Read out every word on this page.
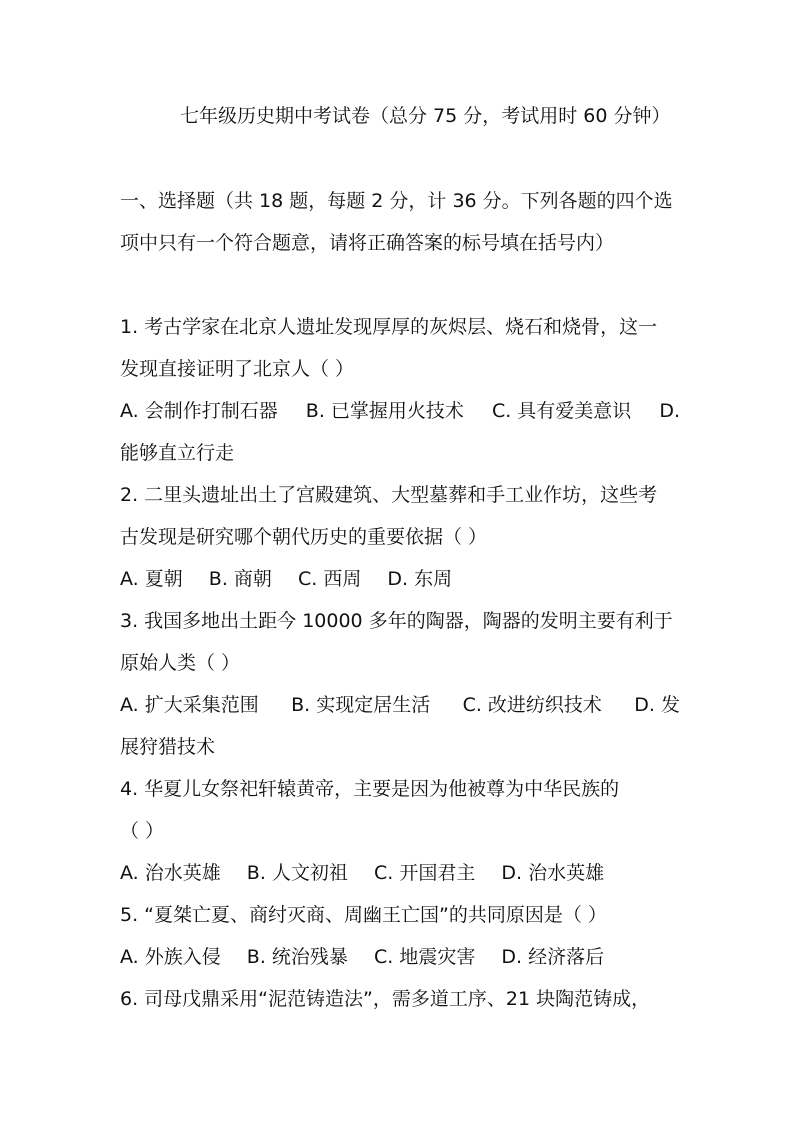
七年级历史期中考试卷（总分 75 分，考试用时 60 分钟）
一、选择题（共 18 题，每题 2 分，计 36 分。下列各题的四个选
项中只有一个符合题意，请将正确答案的标号填在括号内）
1. 考古学家在北京人遗址发现厚厚的灰烬层、烧石和烧骨，这一
发现直接证明了北京人（ ）
A. 会制作打制石器 B. 已掌握用火技术 C. 具有爱美意识 D.
能够直立行走
2. 二里头遗址出土了宫殿建筑、大型墓葬和手工业作坊，这些考
古发现是研究哪个朝代历史的重要依据（ ）
A. 夏朝 B. 商朝 C. 西周 D. 东周
3. 我国多地出土距今 10000 多年的陶器，陶器的发明主要有利于
原始人类（ ）
A. 扩大采集范围 B. 实现定居生活 C. 改进纺织技术 D. 发
展狩猎技术
4. 华夏儿女祭祀轩辕黄帝，主要是因为他被尊为中华民族的
（ ）
A. 治水英雄 B. 人文初祖 C. 开国君主 D. 治水英雄
5. “夏桀亡夏、商纣灭商、周幽王亡国”的共同原因是（ ）
A. 外族入侵 B. 统治残暴 C. 地震灾害 D. 经济落后
6. 司母戊鼎采用“泥范铸造法”，需多道工序、21 块陶范铸成，
